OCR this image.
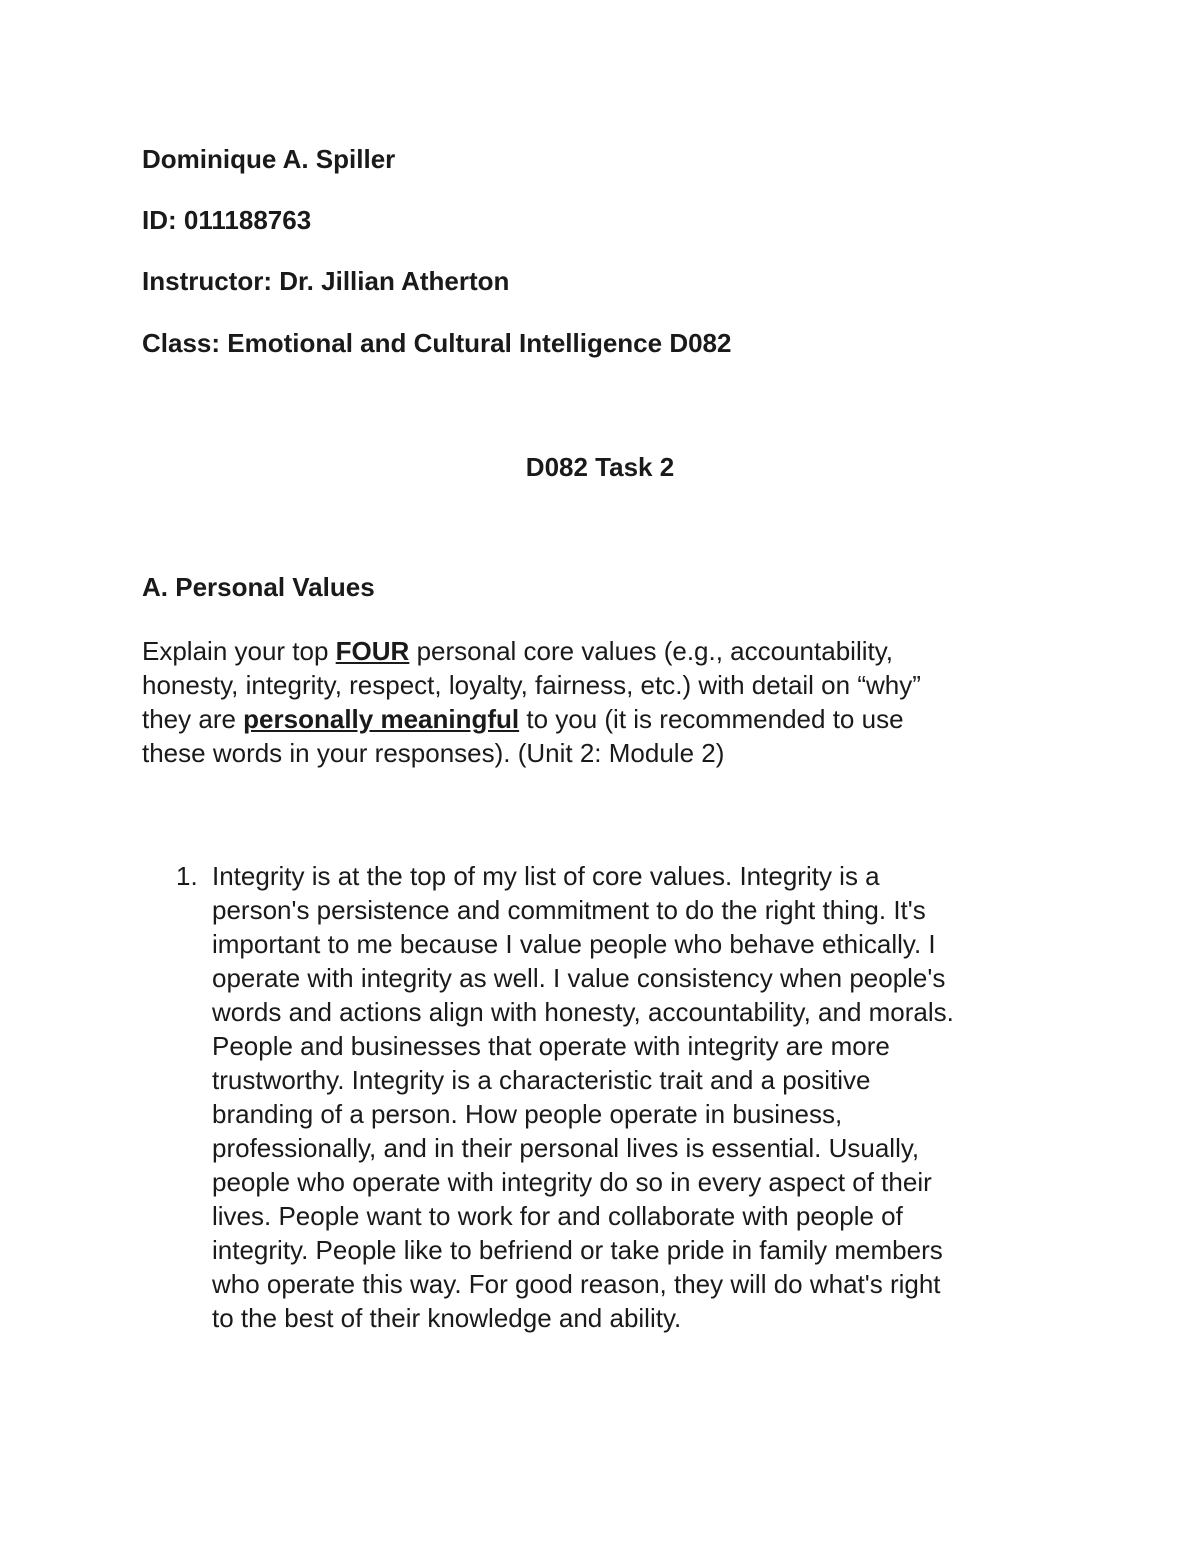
Dominique A. Spiller
ID: 011188763
Instructor: Dr. Jillian Atherton
Class: Emotional and Cultural Intelligence D082
D082 Task 2
A. Personal Values
Explain your top FOUR personal core values (e.g., accountability,
honesty, integrity, respect, loyalty, fairness, etc.) with detail on “why”
they are personally meaningful to you (it is recommended to use
these words in your responses). (Unit 2: Module 2)
1. Integrity is at the top of my list of core values. Integrity is a
person's persistence and commitment to do the right thing. It's
important to me because I value people who behave ethically. I
operate with integrity as well. I value consistency when people's
words and actions align with honesty, accountability, and morals.
People and businesses that operate with integrity are more
trustworthy. Integrity is a characteristic trait and a positive
branding of a person. How people operate in business,
professionally, and in their personal lives is essential. Usually,
people who operate with integrity do so in every aspect of their
lives. People want to work for and collaborate with people of
integrity. People like to befriend or take pride in family members
who operate this way. For good reason, they will do what's right
to the best of their knowledge and ability.
